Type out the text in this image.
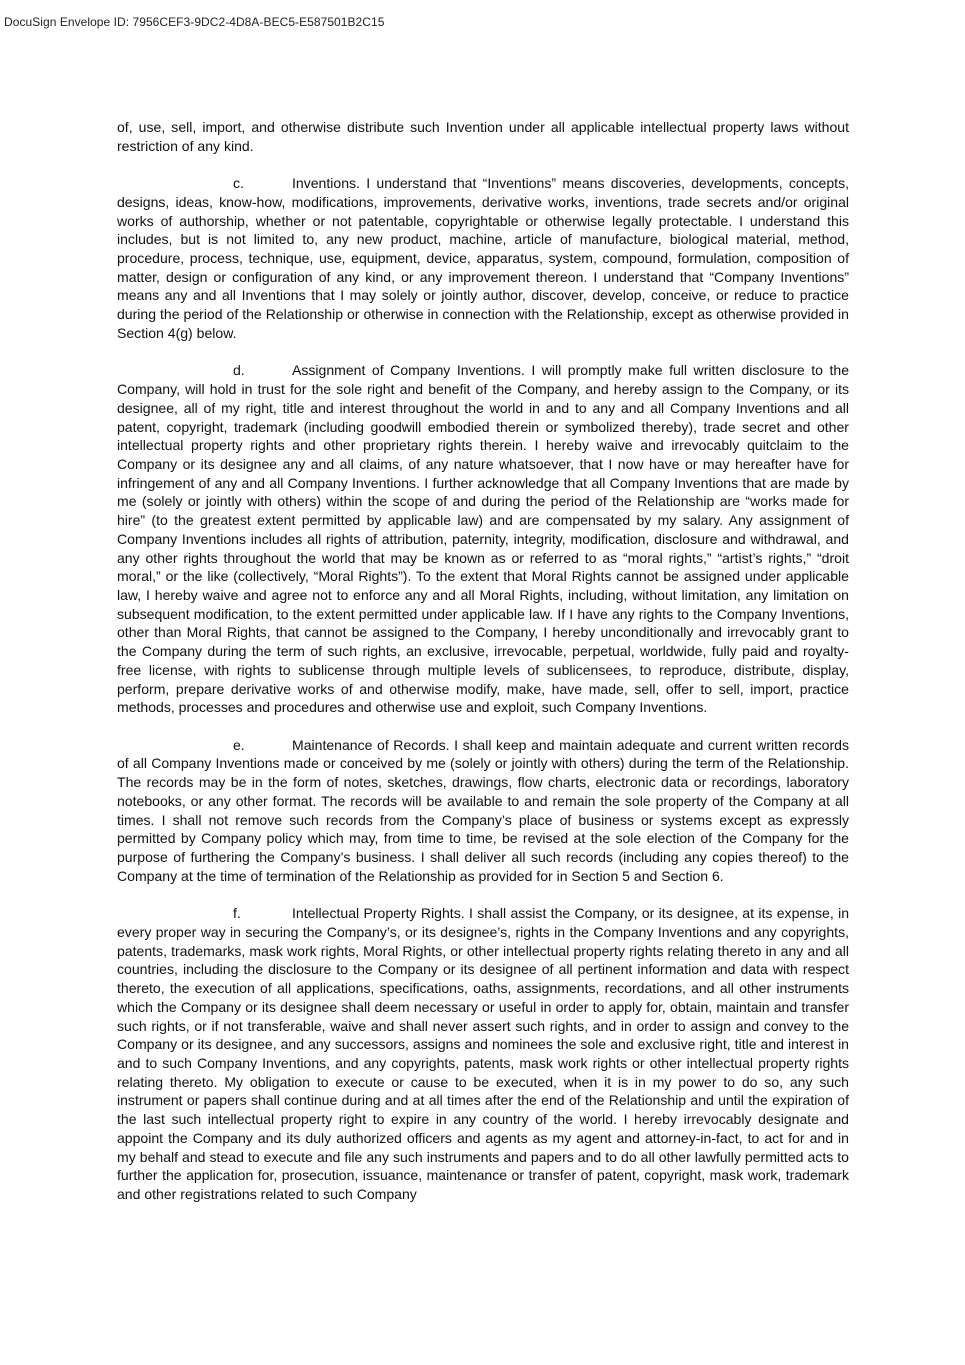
DocuSign Envelope ID: 7956CEF3-9DC2-4D8A-BEC5-E587501B2C15

of, use, sell, import, and otherwise distribute such Invention under all applicable intellectual property laws without restriction of any kind.

c.	Inventions. I understand that “Inventions” means discoveries, developments, concepts, designs, ideas, know-how, modifications, improvements, derivative works, inventions, trade secrets and/or original works of authorship, whether or not patentable, copyrightable or otherwise legally protectable. I understand this includes, but is not limited to, any new product, machine, article of manufacture, biological material, method, procedure, process, technique, use, equipment, device, apparatus, system, compound, formulation, composition of matter, design or configuration of any kind, or any improvement thereon. I understand that “Company Inventions” means any and all Inventions that I may solely or jointly author, discover, develop, conceive, or reduce to practice during the period of the Relationship or otherwise in connection with the Relationship, except as otherwise provided in Section 4(g) below.

d.	Assignment of Company Inventions. I will promptly make full written disclosure to the Company, will hold in trust for the sole right and benefit of the Company, and hereby assign to the Company, or its designee, all of my right, title and interest throughout the world in and to any and all Company Inventions and all patent, copyright, trademark (including goodwill embodied therein or symbolized thereby), trade secret and other intellectual property rights and other proprietary rights therein. I hereby waive and irrevocably quitclaim to the Company or its designee any and all claims, of any nature whatsoever, that I now have or may hereafter have for infringement of any and all Company Inventions. I further acknowledge that all Company Inventions that are made by me (solely or jointly with others) within the scope of and during the period of the Relationship are “works made for hire” (to the greatest extent permitted by applicable law) and are compensated by my salary. Any assignment of Company Inventions includes all rights of attribution, paternity, integrity, modification, disclosure and withdrawal, and any other rights throughout the world that may be known as or referred to as “moral rights,” “artist’s rights,” “droit moral,” or the like (collectively, “Moral Rights”). To the extent that Moral Rights cannot be assigned under applicable law, I hereby waive and agree not to enforce any and all Moral Rights, including, without limitation, any limitation on subsequent modification, to the extent permitted under applicable law. If I have any rights to the Company Inventions, other than Moral Rights, that cannot be assigned to the Company, I hereby unconditionally and irrevocably grant to the Company during the term of such rights, an exclusive, irrevocable, perpetual, worldwide, fully paid and royalty-free license, with rights to sublicense through multiple levels of sublicensees, to reproduce, distribute, display, perform, prepare derivative works of and otherwise modify, make, have made, sell, offer to sell, import, practice methods, processes and procedures and otherwise use and exploit, such Company Inventions.

e.	Maintenance of Records. I shall keep and maintain adequate and current written records of all Company Inventions made or conceived by me (solely or jointly with others) during the term of the Relationship. The records may be in the form of notes, sketches, drawings, flow charts, electronic data or recordings, laboratory notebooks, or any other format. The records will be available to and remain the sole property of the Company at all times. I shall not remove such records from the Company’s place of business or systems except as expressly permitted by Company policy which may, from time to time, be revised at the sole election of the Company for the purpose of furthering the Company’s business. I shall deliver all such records (including any copies thereof) to the Company at the time of termination of the Relationship as provided for in Section 5 and Section 6.

f.	Intellectual Property Rights. I shall assist the Company, or its designee, at its expense, in every proper way in securing the Company’s, or its designee’s, rights in the Company Inventions and any copyrights, patents, trademarks, mask work rights, Moral Rights, or other intellectual property rights relating thereto in any and all countries, including the disclosure to the Company or its designee of all pertinent information and data with respect thereto, the execution of all applications, specifications, oaths, assignments, recordations, and all other instruments which the Company or its designee shall deem necessary or useful in order to apply for, obtain, maintain and transfer such rights, or if not transferable, waive and shall never assert such rights, and in order to assign and convey to the Company or its designee, and any successors, assigns and nominees the sole and exclusive right, title and interest in and to such Company Inventions, and any copyrights, patents, mask work rights or other intellectual property rights relating thereto. My obligation to execute or cause to be executed, when it is in my power to do so, any such instrument or papers shall continue during and at all times after the end of the Relationship and until the expiration of the last such intellectual property right to expire in any country of the world. I hereby irrevocably designate and appoint the Company and its duly authorized officers and agents as my agent and attorney-in-fact, to act for and in my behalf and stead to execute and file any such instruments and papers and to do all other lawfully permitted acts to further the application for, prosecution, issuance, maintenance or transfer of patent, copyright, mask work, trademark and other registrations related to such Company
